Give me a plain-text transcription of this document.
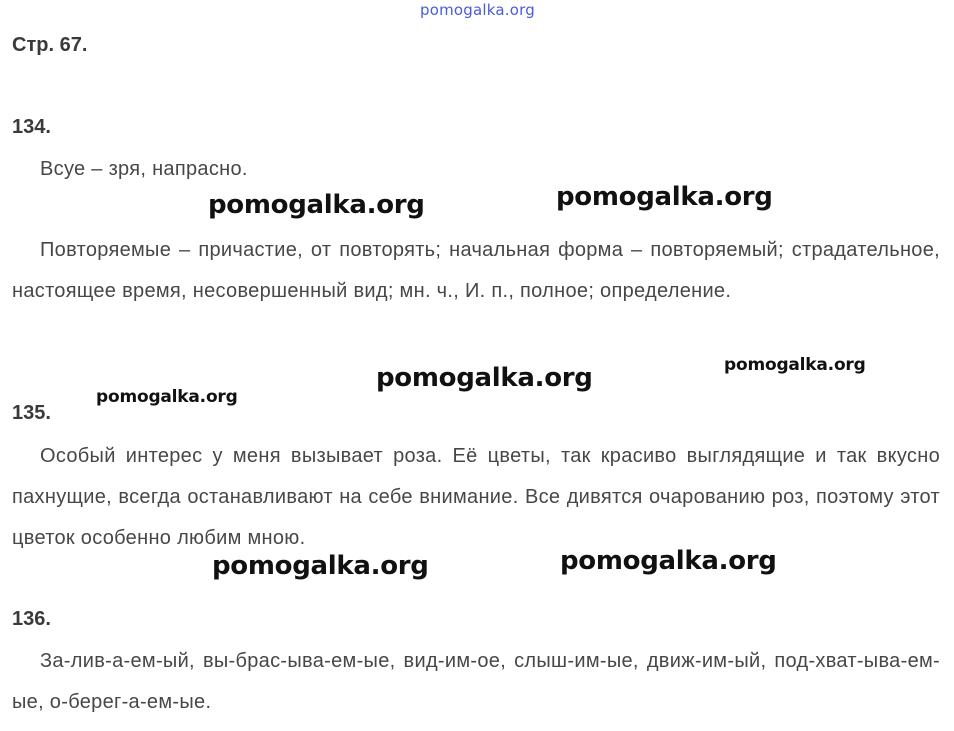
pomogalka.org
Стр. 67.
134.
Всуе – зря, напрасно.
Повторяемые – причастие, от повторять; начальная форма – повторяемый; страдательное, настоящее время, несовершенный вид; мн. ч., И. п., полное; определение.
135.
Особый интерес у меня вызывает роза. Её цветы, так красиво выглядящие и так вкусно пахнущие, всегда останавливают на себе внимание. Все дивятся очарованию роз, поэтому этот цветок особенно любим мною.
136.
За-лив-а-ем-ый, вы-брас-ыва-ем-ые, вид-им-ое, слыш-им-ые, движ-им-ый, под-хват-ыва-ем-ые, о-берег-а-ем-ые.
pomogalka.org	pomogalka.org
pomogalka.org	pomogalka.org
pomogalka.org
pomogalka.org	pomogalka.org
